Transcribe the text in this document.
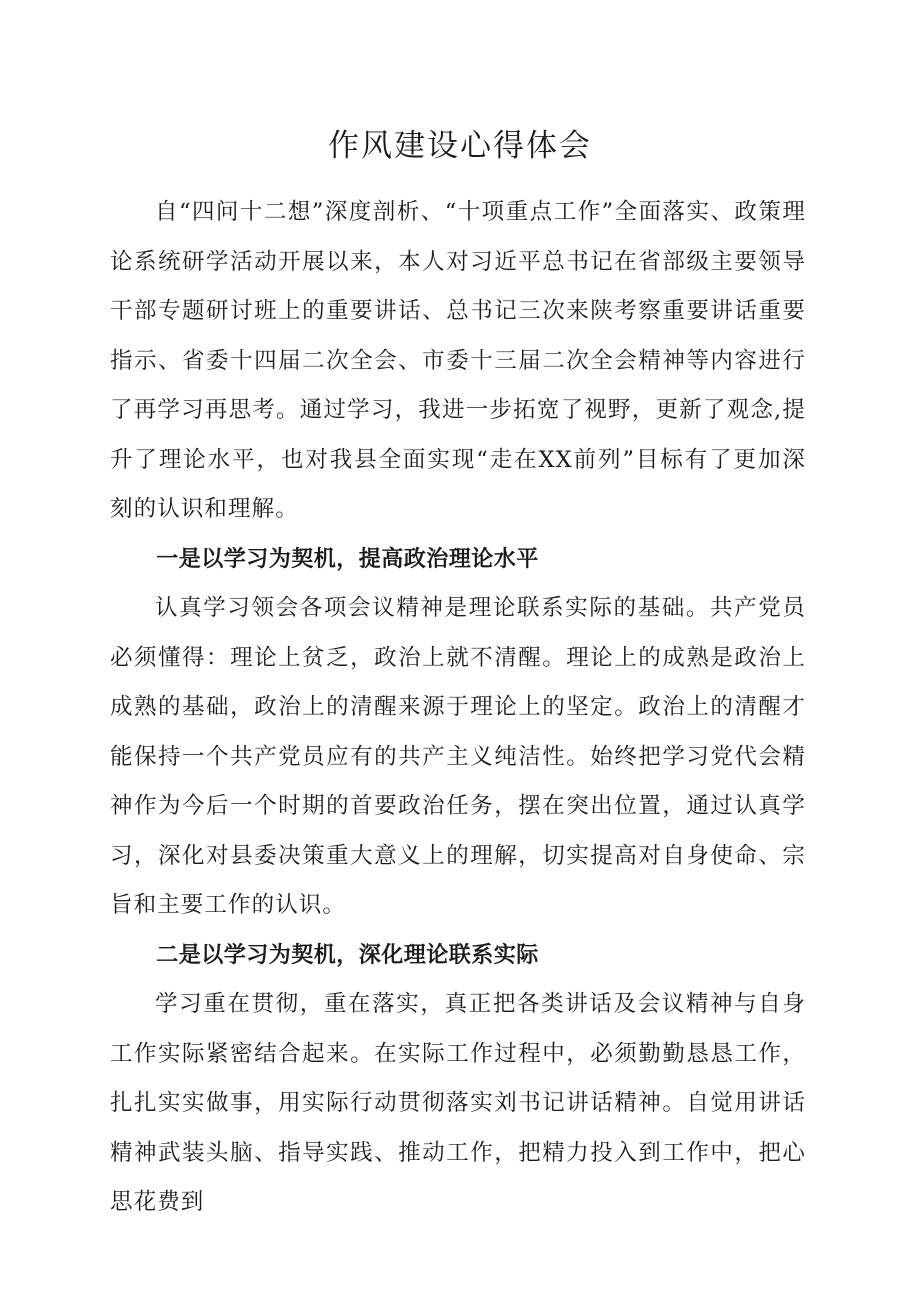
作风建设心得体会

自“四问十二想”深度剖析、“十项重点工作”全面落实、政策理论系统研学活动开展以来，本人对习近平总书记在省部级主要领导干部专题研讨班上的重要讲话、总书记三次来陕考察重要讲话重要指示、省委十四届二次全会、市委十三届二次全会精神等内容进行了再学习再思考。通过学习，我进一步拓宽了视野，更新了观念,提升了理论水平，也对我县全面实现“走在XX前列”目标有了更加深刻的认识和理解。

一是以学习为契机，提高政治理论水平

认真学习领会各项会议精神是理论联系实际的基础。共产党员必须懂得：理论上贫乏，政治上就不清醒。理论上的成熟是政治上成熟的基础，政治上的清醒来源于理论上的坚定。政治上的清醒才能保持一个共产党员应有的共产主义纯洁性。始终把学习党代会精神作为今后一个时期的首要政治任务，摆在突出位置，通过认真学习，深化对县委决策重大意义上的理解，切实提高对自身使命、宗旨和主要工作的认识。

二是以学习为契机，深化理论联系实际

学习重在贯彻，重在落实，真正把各类讲话及会议精神与自身工作实际紧密结合起来。在实际工作过程中，必须勤勤恳恳工作，扎扎实实做事，用实际行动贯彻落实刘书记讲话精神。自觉用讲话精神武装头脑、指导实践、推动工作，把精力投入到工作中，把心思花费到
